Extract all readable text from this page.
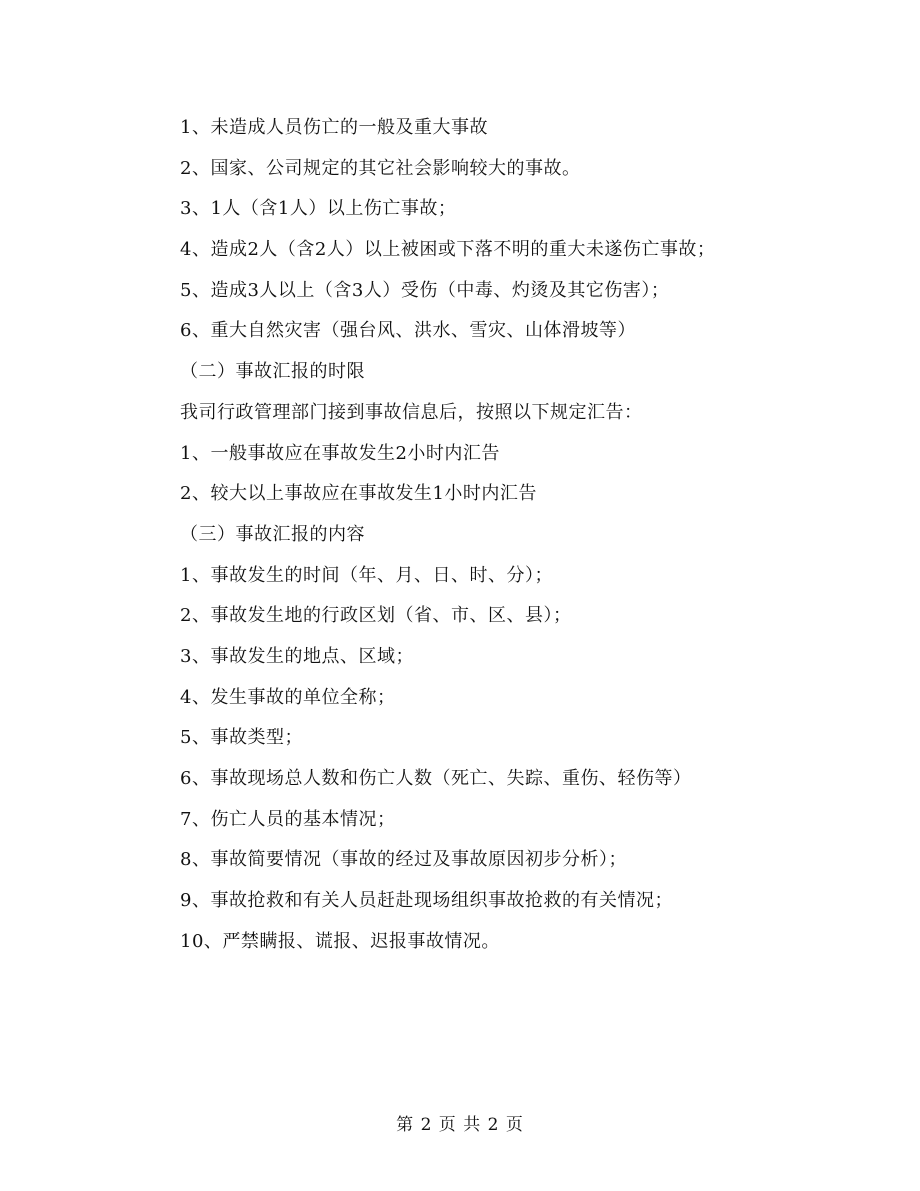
1、未造成人员伤亡的一般及重大事故
2、国家、公司规定的其它社会影响较大的事故。
3、1人（含1人）以上伤亡事故；
4、造成2人（含2人）以上被困或下落不明的重大未遂伤亡事故；
5、造成3人以上（含3人）受伤（中毒、灼烫及其它伤害）；
6、重大自然灾害（强台风、洪水、雪灾、山体滑坡等）
（二）事故汇报的时限
我司行政管理部门接到事故信息后，按照以下规定汇告：
1、一般事故应在事故发生2小时内汇告
2、较大以上事故应在事故发生1小时内汇告
（三）事故汇报的内容
1、事故发生的时间（年、月、日、时、分）；
2、事故发生地的行政区划（省、市、区、县）；
3、事故发生的地点、区域；
4、发生事故的单位全称；
5、事故类型；
6、事故现场总人数和伤亡人数（死亡、失踪、重伤、轻伤等）
7、伤亡人员的基本情况；
8、事故简要情况（事故的经过及事故原因初步分析）；
9、事故抢救和有关人员赶赴现场组织事故抢救的有关情况；
10、严禁瞒报、谎报、迟报事故情况。
第 2 页 共 2 页
